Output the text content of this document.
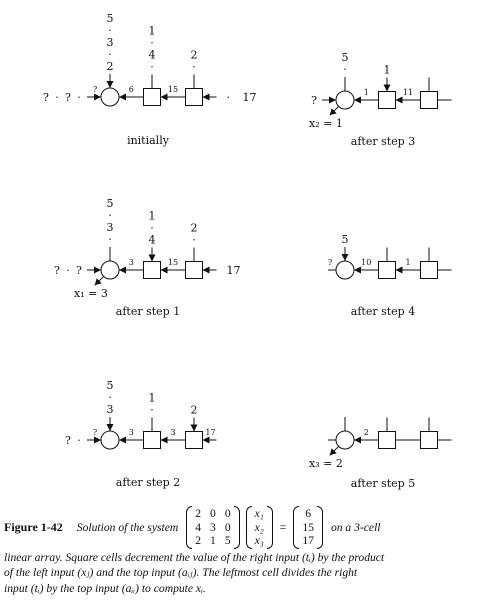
? · ? ·	· 17
5
·
3
·
2
1
·
4
·
2
·
?	6	15
initially
? · ?	17
5
·
3
·
1
·
4
2
·
3	15
x₁ = 3
after step 1
? ·
5
·
3
1
·	2
?	3	3	17
after step 2
?
5
·	1
1	11
x₂ = 1
after step 3
5
?	10	1
after step 4
2
x₃ = 2
after step 5
Figure 1-42 Solution of the system
2 0 0
4 3 0
2 1 5
x₁
x₂
x₃
=
6
15
17
on a 3-cell
linear array. Square cells decrement the value of the right input (tᵢ) by the product
of the left input (xⱼ) and the top input (aᵢⱼ). The leftmost cell divides the right
input (tᵢ) by the top input (aᵢᵢ) to compute xᵢ.
